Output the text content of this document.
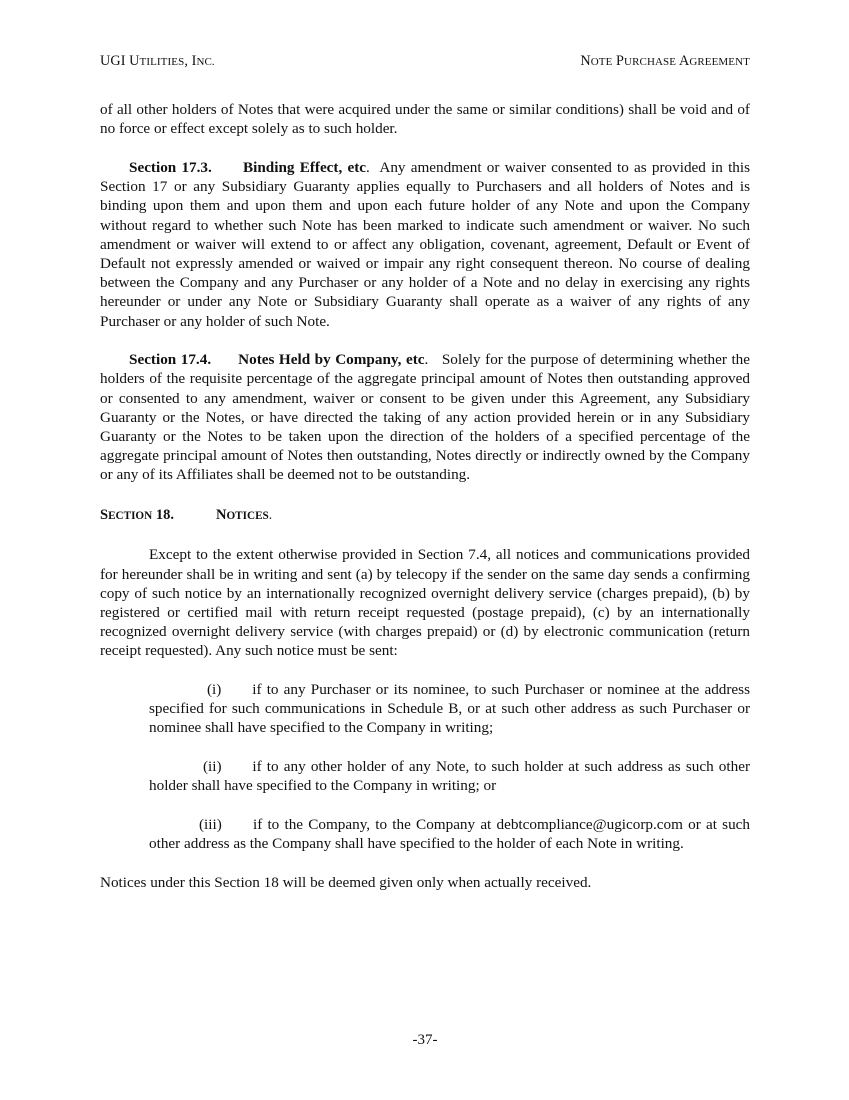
UGI UTILITIES, INC.	NOTE PURCHASE AGREEMENT

of all other holders of Notes that were acquired under the same or similar conditions) shall be void and of no force or effect except solely as to such holder.

Section 17.3. Binding Effect, etc. Any amendment or waiver consented to as provided in this Section 17 or any Subsidiary Guaranty applies equally to Purchasers and all holders of Notes and is binding upon them and upon them and upon each future holder of any Note and upon the Company without regard to whether such Note has been marked to indicate such amendment or waiver. No such amendment or waiver will extend to or affect any obligation, covenant, agreement, Default or Event of Default not expressly amended or waived or impair any right consequent thereon. No course of dealing between the Company and any Purchaser or any holder of a Note and no delay in exercising any rights hereunder or under any Note or Subsidiary Guaranty shall operate as a waiver of any rights of any Purchaser or any holder of such Note.

Section 17.4. Notes Held by Company, etc. Solely for the purpose of determining whether the holders of the requisite percentage of the aggregate principal amount of Notes then outstanding approved or consented to any amendment, waiver or consent to be given under this Agreement, any Subsidiary Guaranty or the Notes, or have directed the taking of any action provided herein or in any Subsidiary Guaranty or the Notes to be taken upon the direction of the holders of a specified percentage of the aggregate principal amount of Notes then outstanding, Notes directly or indirectly owned by the Company or any of its Affiliates shall be deemed not to be outstanding.

SECTION 18.	NOTICES.

Except to the extent otherwise provided in Section 7.4, all notices and communications provided for hereunder shall be in writing and sent (a) by telecopy if the sender on the same day sends a confirming copy of such notice by an internationally recognized overnight delivery service (charges prepaid), (b) by registered or certified mail with return receipt requested (postage prepaid), (c) by an internationally recognized overnight delivery service (with charges prepaid) or (d) by electronic communication (return receipt requested). Any such notice must be sent:

(i) if to any Purchaser or its nominee, to such Purchaser or nominee at the address specified for such communications in Schedule B, or at such other address as such Purchaser or nominee shall have specified to the Company in writing;

(ii) if to any other holder of any Note, to such holder at such address as such other holder shall have specified to the Company in writing; or

(iii) if to the Company, to the Company at debtcompliance@ugicorp.com or at such other address as the Company shall have specified to the holder of each Note in writing.

Notices under this Section 18 will be deemed given only when actually received.

-37-
